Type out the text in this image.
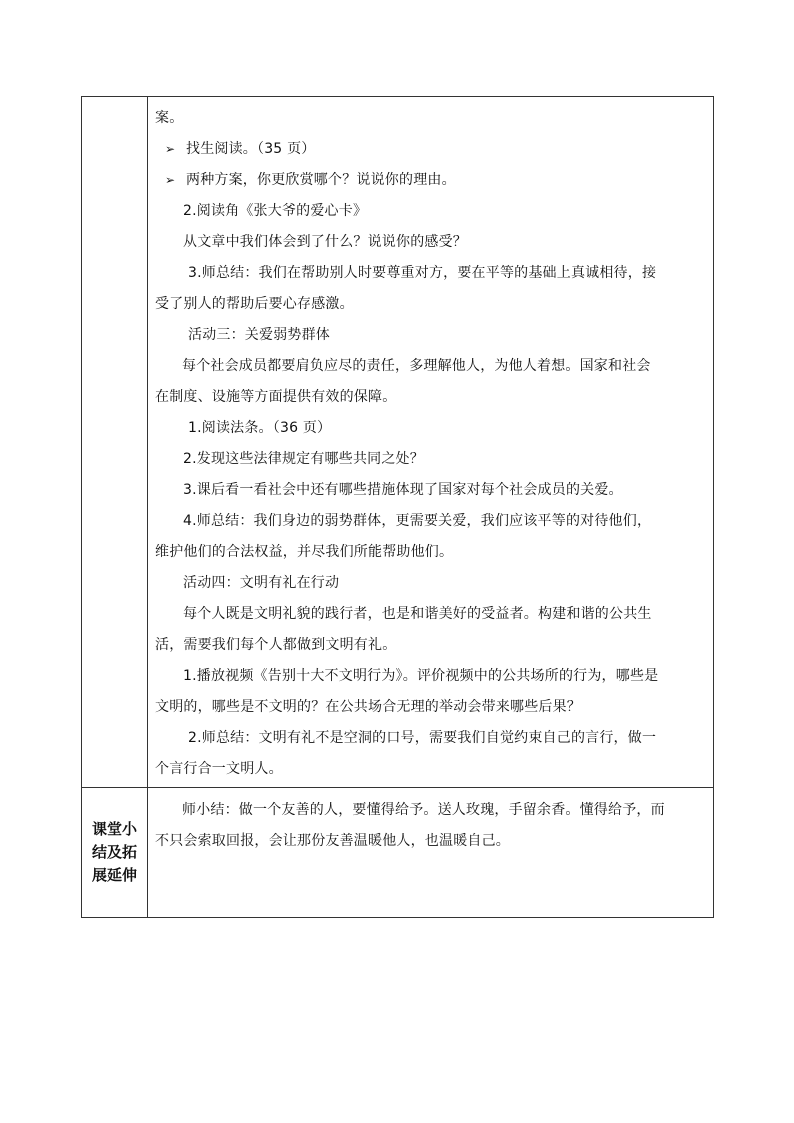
案。

➢ 找生阅读。（35 页）

➢ 两种方案，你更欣赏哪个？说说你的理由。

2.阅读角《张大爷的爱心卡》

从文章中我们体会到了什么？说说你的感受？

3.师总结：我们在帮助别人时要尊重对方，要在平等的基础上真诚相待，接

受了别人的帮助后要心存感激。

活动三：关爱弱势群体

每个社会成员都要肩负应尽的责任，多理解他人，为他人着想。国家和社会

在制度、设施等方面提供有效的保障。

1.阅读法条。（36 页）

2.发现这些法律规定有哪些共同之处？

3.课后看一看社会中还有哪些措施体现了国家对每个社会成员的关爱。

4.师总结：我们身边的弱势群体，更需要关爱，我们应该平等的对待他们，

维护他们的合法权益，并尽我们所能帮助他们。

活动四：文明有礼在行动

每个人既是文明礼貌的践行者，也是和谐美好的受益者。构建和谐的公共生

活，需要我们每个人都做到文明有礼。

1.播放视频《告别十大不文明行为》。评价视频中的公共场所的行为，哪些是

文明的，哪些是不文明的？在公共场合无理的举动会带来哪些后果？

2.师总结：文明有礼不是空洞的口号，需要我们自觉约束自己的言行，做一

个言行合一文明人。

课堂小
结及拓
展延伸

师小结：做一个友善的人，要懂得给予。送人玫瑰，手留余香。懂得给予，而

不只会索取回报，会让那份友善温暖他人，也温暖自己。
